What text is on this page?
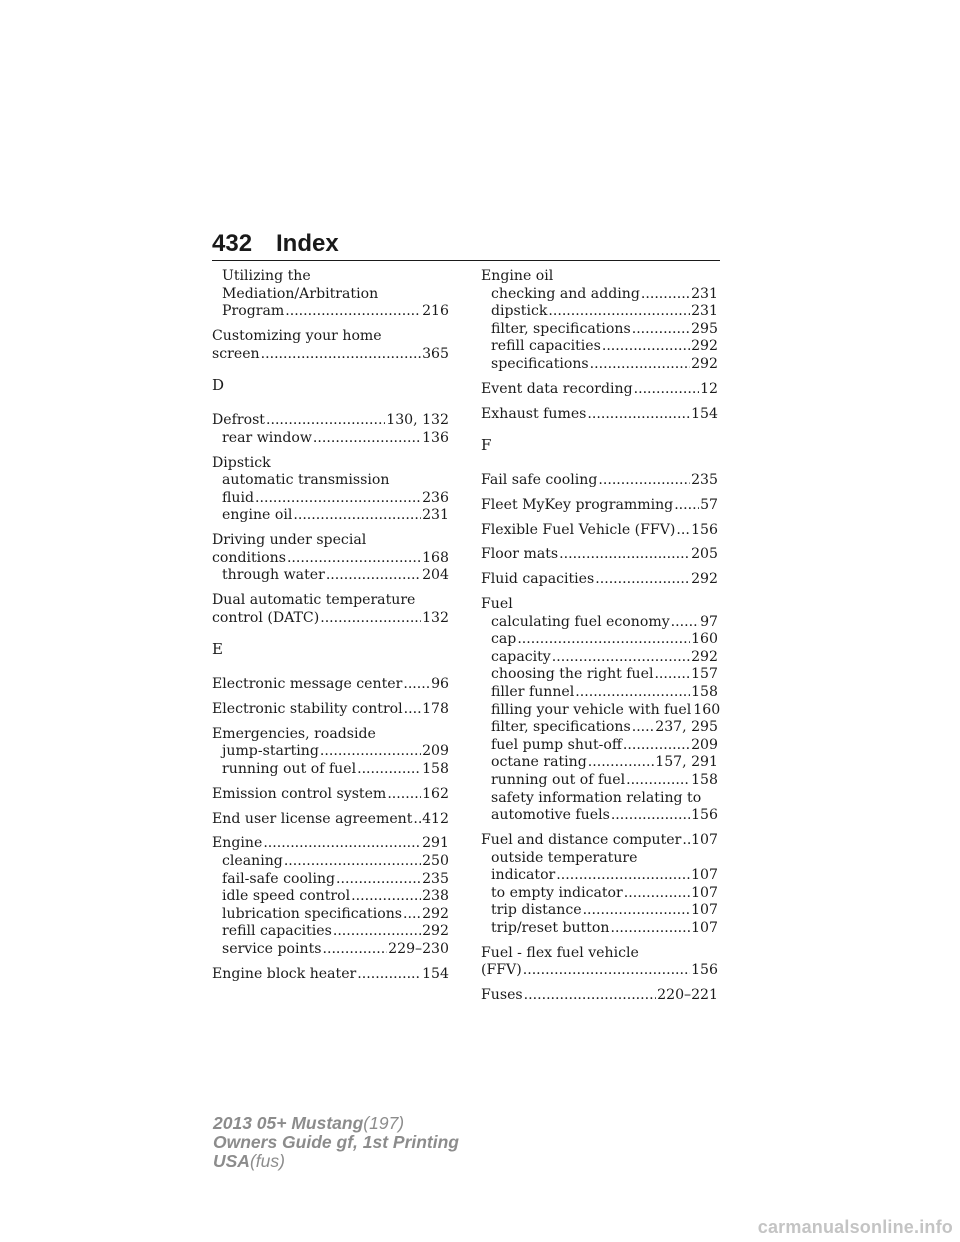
432 Index
Utilizing the
Mediation/Arbitration
Program .....	216
Customizing your home
screen .....	365
D
Defrost .....	130, 132
rear window .....	136
Dipstick
automatic transmission
fluid .....	236
engine oil .....	231
Driving under special
conditions .....	168
through water .....	204
Dual automatic temperature
control (DATC) .....	132
E
Electronic message center ..... 96
Electronic stability control ..... 178
Emergencies, roadside
jump-starting .....	209
running out of fuel .....	158
Emission control system .....	162
End user license agreement ..... 412
Engine .....	291
cleaning .....	250
fail-safe cooling .....	235
idle speed control .....	238
lubrication specifications ..... 292
refill capacities .....	292
service points .....	229–230
Engine block heater .....	154
Engine oil
checking and adding .....	231
dipstick .....	231
filter, specifications .....	295
refill capacities .....	292
specifications .....	292
Event data recording .....	12
Exhaust fumes .....	154
F
Fail safe cooling .....	235
Fleet MyKey programming ..... 57
Flexible Fuel Vehicle (FFV) ..... 156
Floor mats .....	205
Fluid capacities .....	292
Fuel
calculating fuel economy ..... 97
cap .....	160
capacity .....	292
choosing the right fuel .....	157
filler funnel .....	158
filling your vehicle with fuel 160
filter, specifications ..... 237, 295
fuel pump shut-off .....	209
octane rating .....	157, 291
running out of fuel .....	158
safety information relating to
automotive fuels .....	156
Fuel and distance computer ..... 107
outside temperature
indicator .....	107
to empty indicator .....	107
trip distance .....	107
trip/reset button .....	107
Fuel - flex fuel vehicle
(FFV) .....	156
Fuses .....	220–221
2013 05+ Mustang(197)
Owners Guide gf, 1st Printing
USA(fus)
carmanualsonline.info
